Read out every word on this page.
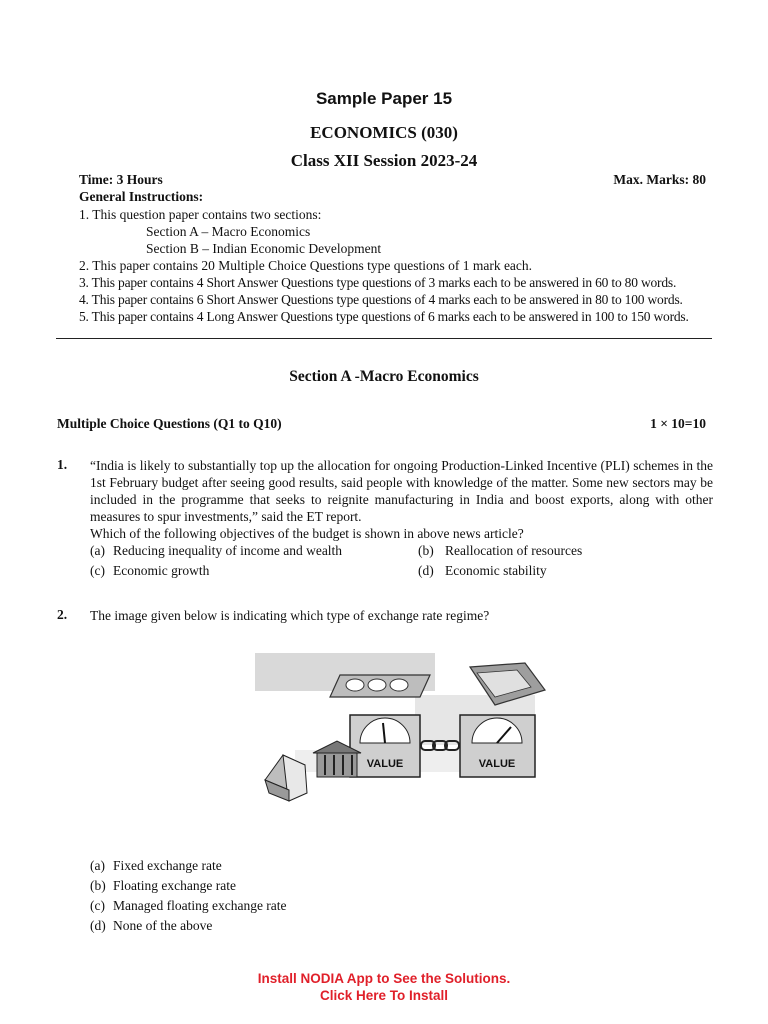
Sample Paper 15
ECONOMICS (030)
Class XII Session 2023-24
Time: 3 Hours	Max. Marks: 80
General Instructions:
1. This question paper contains two sections:
Section A – Macro Economics
Section B – Indian Economic Development
2. This paper contains 20 Multiple Choice Questions type questions of 1 mark each.
3. This paper contains 4 Short Answer Questions type questions of 3 marks each to be answered in 60 to 80 words.
4. This paper contains 6 Short Answer Questions type questions of 4 marks each to be answered in 80 to 100 words.
5. This paper contains 4 Long Answer Questions type questions of 6 marks each to be answered in 100 to 150 words.
Section A -Macro Economics
Multiple Choice Questions (Q1 to Q10)	1 × 10=10
1. “India is likely to substantially top up the allocation for ongoing Production-Linked Incentive (PLI) schemes in the 1st February budget after seeing good results, said people with knowledge of the matter. Some new sectors may be included in the programme that seeks to reignite manufacturing in India and boost exports, along with other measures to spur investments,” said the ET report.
Which of the following objectives of the budget is shown in above news article?
(a) Reducing inequality of income and wealth	(b) Reallocation of resources
(c) Economic growth	(d) Economic stability
2. The image given below is indicating which type of exchange rate regime?
VALUE	VALUE
(a) Fixed exchange rate
(b) Floating exchange rate
(c) Managed floating exchange rate
(d) None of the above
Install NODIA App to See the Solutions.
Click Here To Install
